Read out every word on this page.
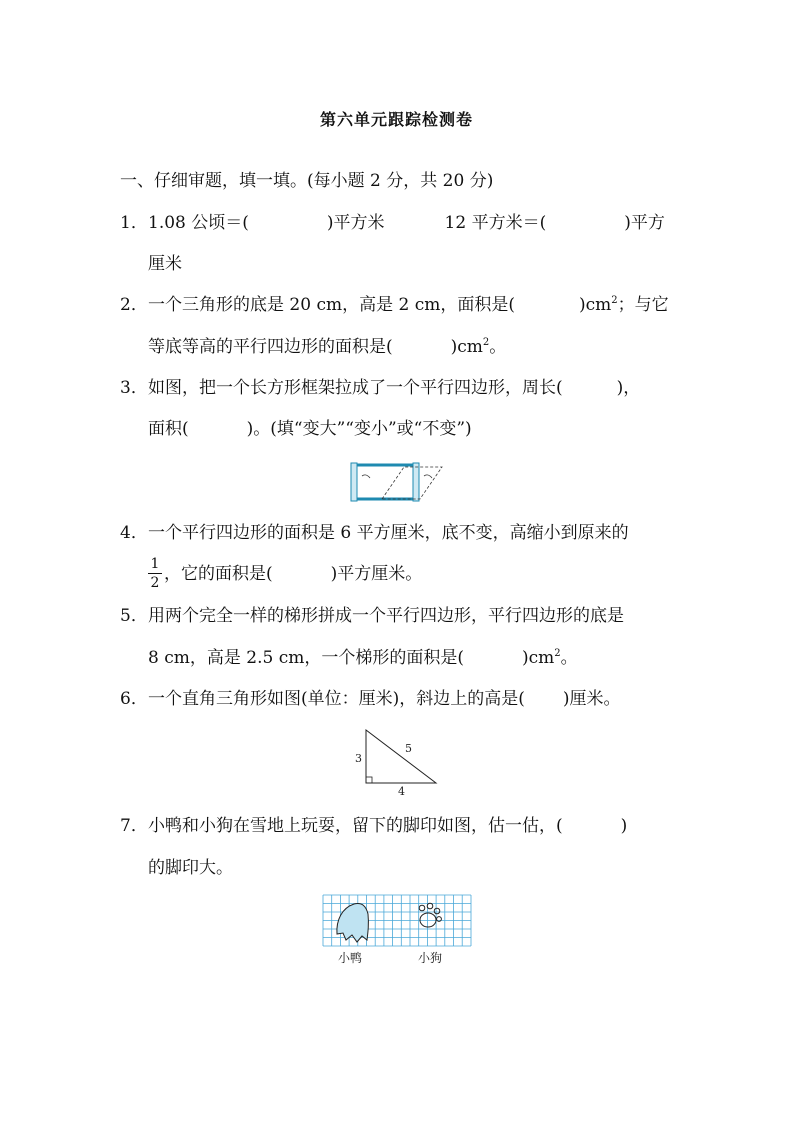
第六单元跟踪检测卷
一、仔细审题，填一填。(每小题 2 分，共 20 分)
1．1.08 公顷＝(	)平方米	12 平方米＝(	)平方
厘米
2．一个三角形的底是 20 cm，高是 2 cm，面积是(	)$cm^2$；与它
等底等高的平行四边形的面积是(	)$cm^2$。
3．如图，把一个长方形框架拉成了一个平行四边形，周长(	)，
面积(	)。(填“变大”“变小”或“不变”)
4．一个平行四边形的面积是 6 平方厘米，底不变，高缩小到原来的
1
2 ，它的面积是(	)平方厘米。
5．用两个完全一样的梯形拼成一个平行四边形，平行四边形的底是
8 cm，高是 2.5 cm，一个梯形的面积是(	)$cm^2$。
6．一个直角三角形如图(单位：厘米)，斜边上的高是( )厘米。
3
4
5
7．小鸭和小狗在雪地上玩耍，留下的脚印如图，估一估，(	)
的脚印大。
小鸭	小狗
